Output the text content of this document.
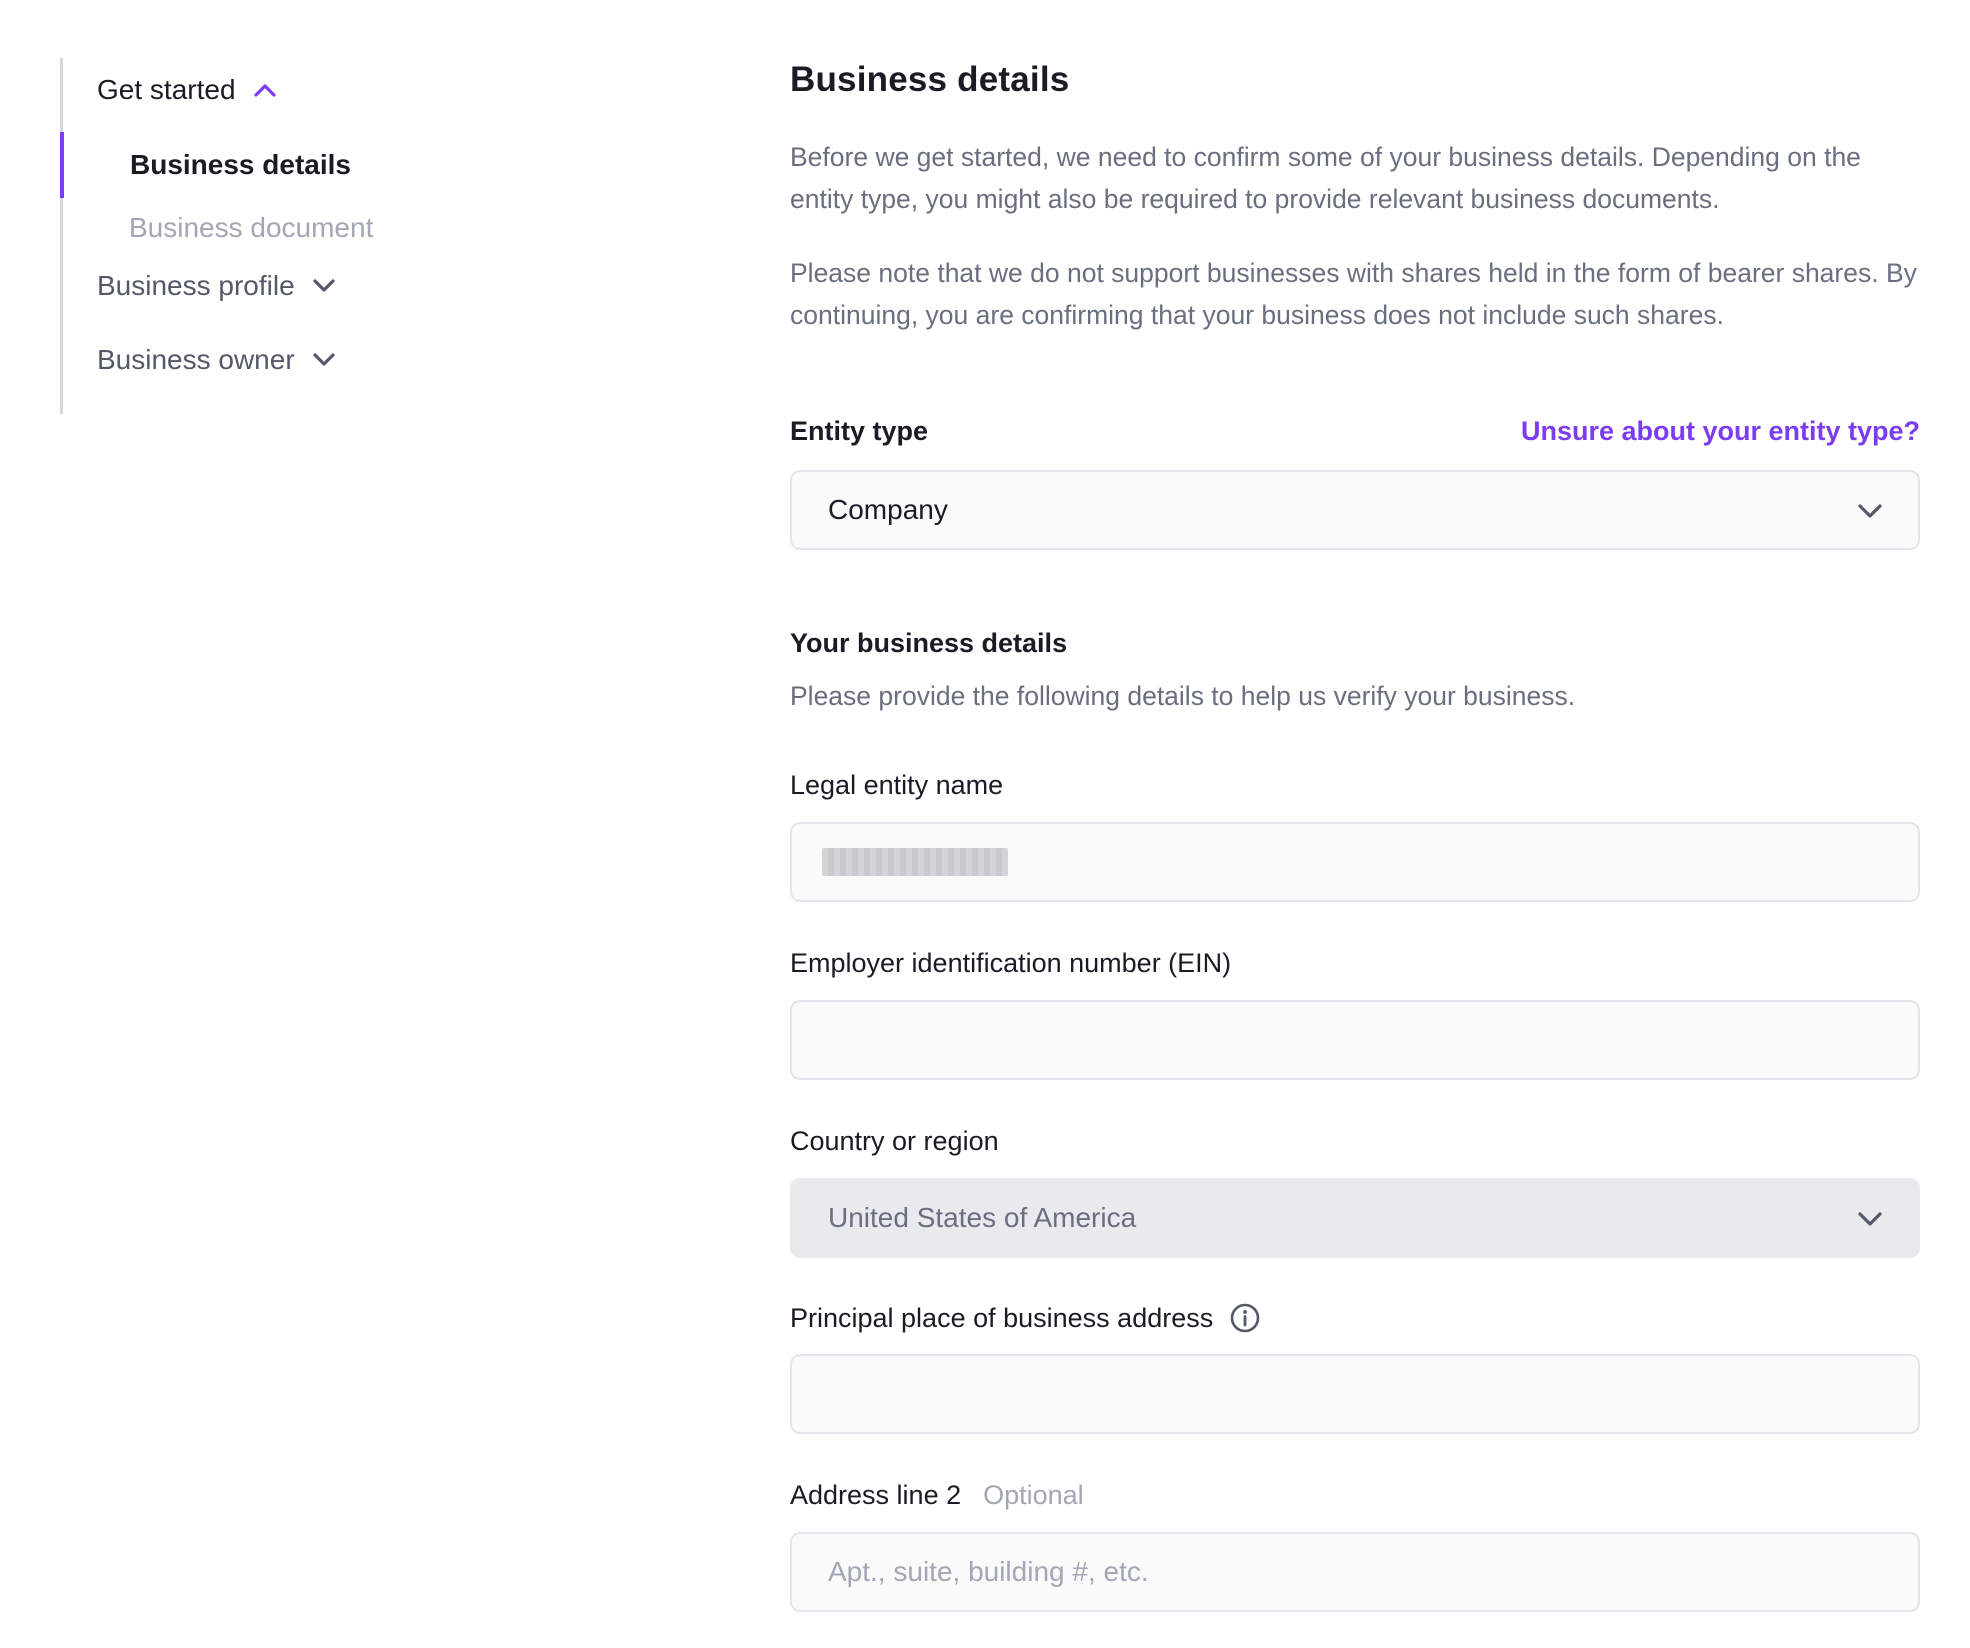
Get started
Business details
Business document
Business profile
Business owner
Business details

Before we get started, we need to confirm some of your business details. Depending on the entity type, you might also be required to provide relevant business documents.

Please note that we do not support businesses with shares held in the form of bearer shares. By continuing, you are confirming that your business does not include such shares.

Entity type	Unsure about your entity type?
Company
Your business details
Please provide the following details to help us verify your business.
Legal entity name
Employer identification number (EIN)
Country or region
United States of America
Principal place of business address
Address line 2 Optional
Apt., suite, building #, etc.
